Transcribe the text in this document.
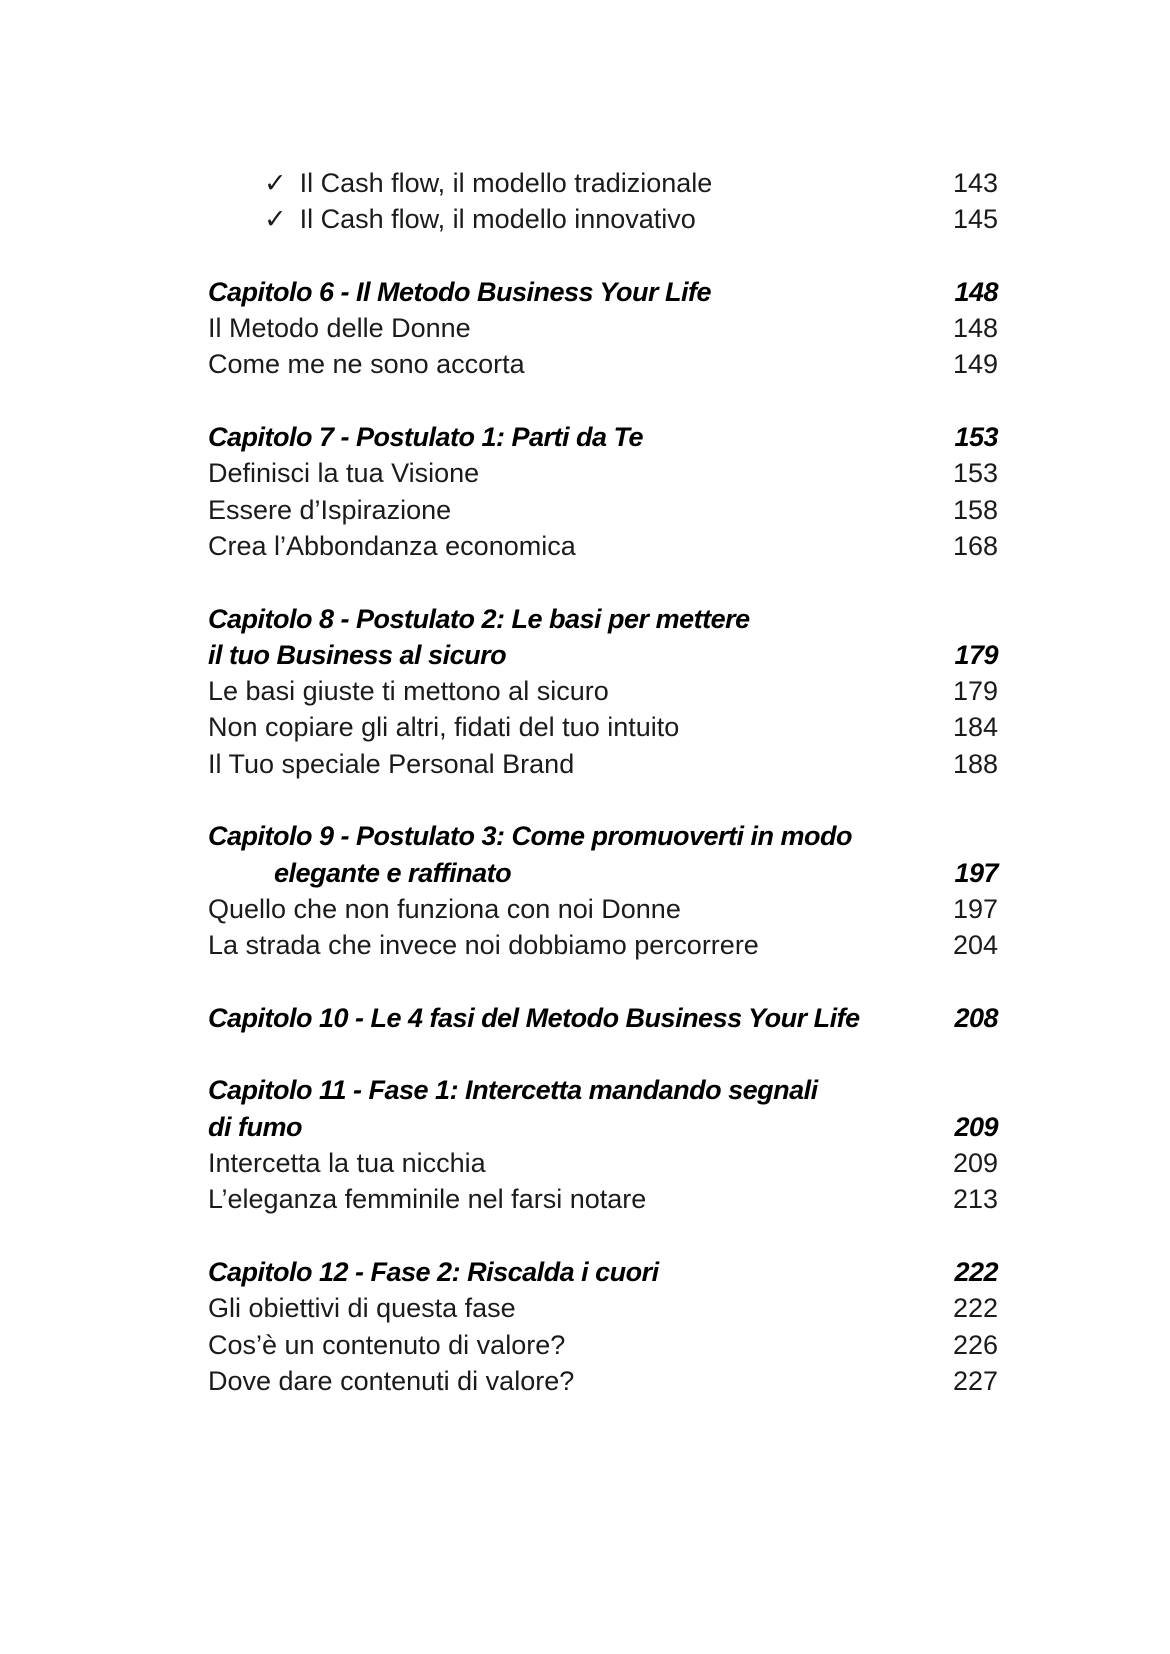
✓ Il Cash flow, il modello tradizionale	143
✓ Il Cash flow, il modello innovativo	145
Capitolo 6 - Il Metodo Business Your Life	148
Il Metodo delle Donne	148
Come me ne sono accorta	149
Capitolo 7 - Postulato 1: Parti da Te	153
Definisci la tua Visione	153
Essere d’Ispirazione	158
Crea l’Abbondanza economica	168
Capitolo 8 - Postulato 2: Le basi per mettere
il tuo Business al sicuro	179
Le basi giuste ti mettono al sicuro	179
Non copiare gli altri, fidati del tuo intuito	184
Il Tuo speciale Personal Brand	188
Capitolo 9 - Postulato 3: Come promuoverti in modo
elegante e raffinato	197
Quello che non funziona con noi Donne	197
La strada che invece noi dobbiamo percorrere	204
Capitolo 10 - Le 4 fasi del Metodo Business Your Life	208
Capitolo 11 - Fase 1: Intercetta mandando segnali
di fumo	209
Intercetta la tua nicchia	209
L’eleganza femminile nel farsi notare	213
Capitolo 12 - Fase 2: Riscalda i cuori	222
Gli obiettivi di questa fase	222
Cos’è un contenuto di valore?	226
Dove dare contenuti di valore?	227
